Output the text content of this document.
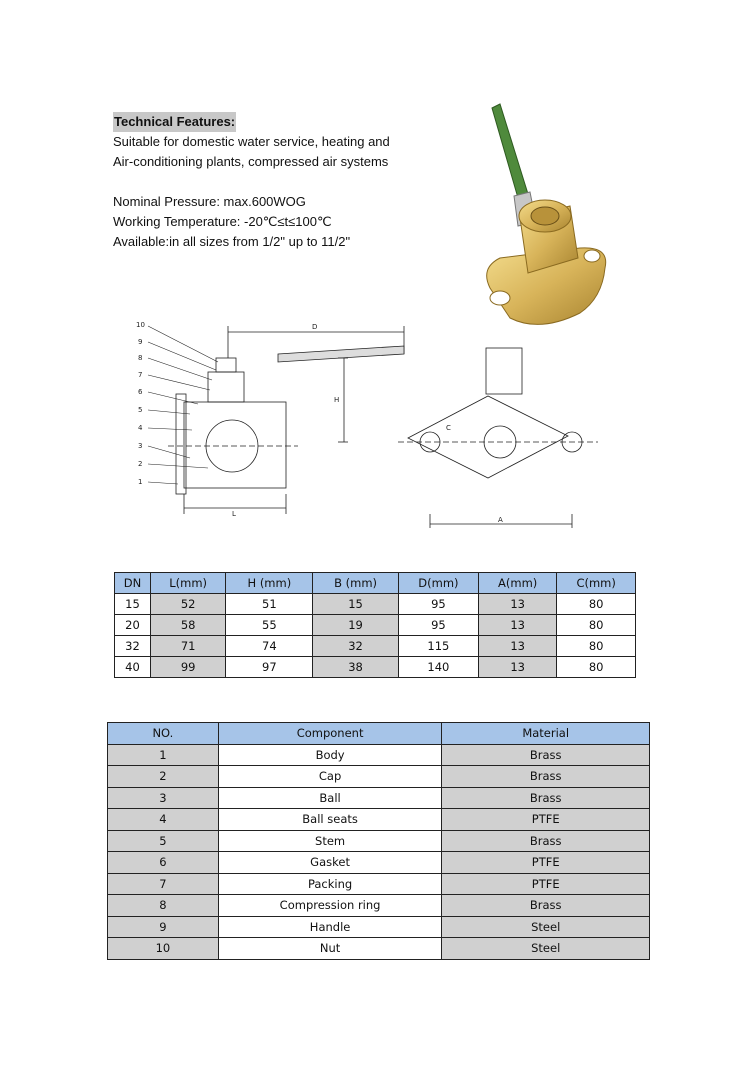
Technical Features:

Suitable for domestic water service, heating and

Air-conditioning plants, compressed air systems

Nominal Pressure: max.600WOG

Working Temperature: -20℃≤t≤100℃

Available:in all sizes from 1/2" up to 11/2"

10
9
8
7
6
5
4
3
2
1
D
H
L
A
C
DN	L(mm)	H (mm)	B (mm)	D(mm)	A(mm)	C(mm)
15	52	51	15	95	13	80
20	58	55	19	95	13	80
32	71	74	32	115	13	80
40	99	97	38	140	13	80
NO.	Component	Material
1	Body	Brass
2	Cap	Brass
3	Ball	Brass
4	Ball seats	PTFE
5	Stem	Brass
6	Gasket	PTFE
7	Packing	PTFE
8	Compression ring	Brass
9	Handle	Steel
10	Nut	Steel
